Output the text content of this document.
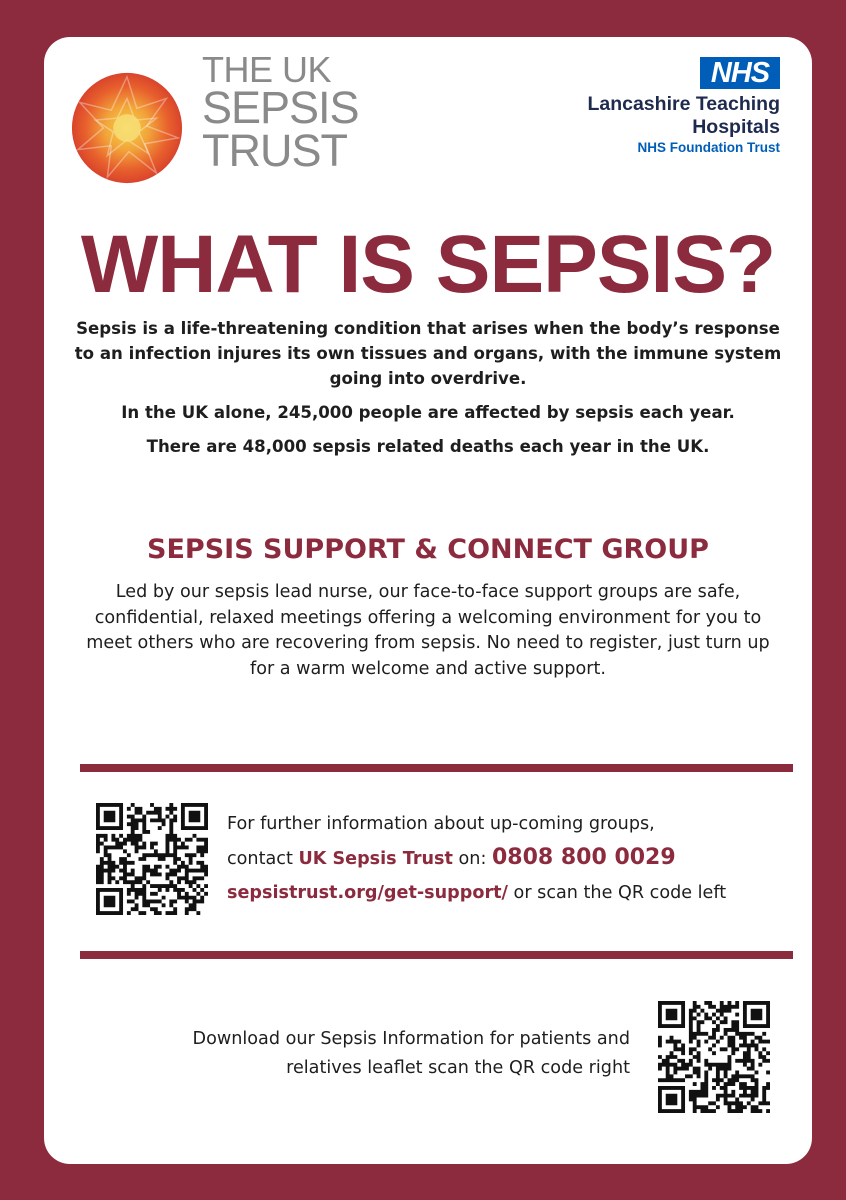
THE UK
SEPSIS
TRUST
NHS
Lancashire Teaching
Hospitals
NHS Foundation Trust
WHAT IS SEPSIS?

Sepsis is a life-threatening condition that arises when the body’s response to an infection injures its own tissues and organs, with the immune system going into overdrive.

In the UK alone, 245,000 people are affected by sepsis each year.

There are 48,000 sepsis related deaths each year in the UK.

SEPSIS SUPPORT & CONNECT GROUP
Led by our sepsis lead nurse, our face-to-face support groups are safe, confidential, relaxed meetings offering a welcoming environment for you to meet others who are recovering from sepsis. No need to register, just turn up for a warm welcome and active support.
For further information about up-coming groups,
contact UK Sepsis Trust on: 0808 800 0029
sepsistrust.org/get-support/ or scan the QR code left
Download our Sepsis Information for patients and
relatives leaflet scan the QR code right
